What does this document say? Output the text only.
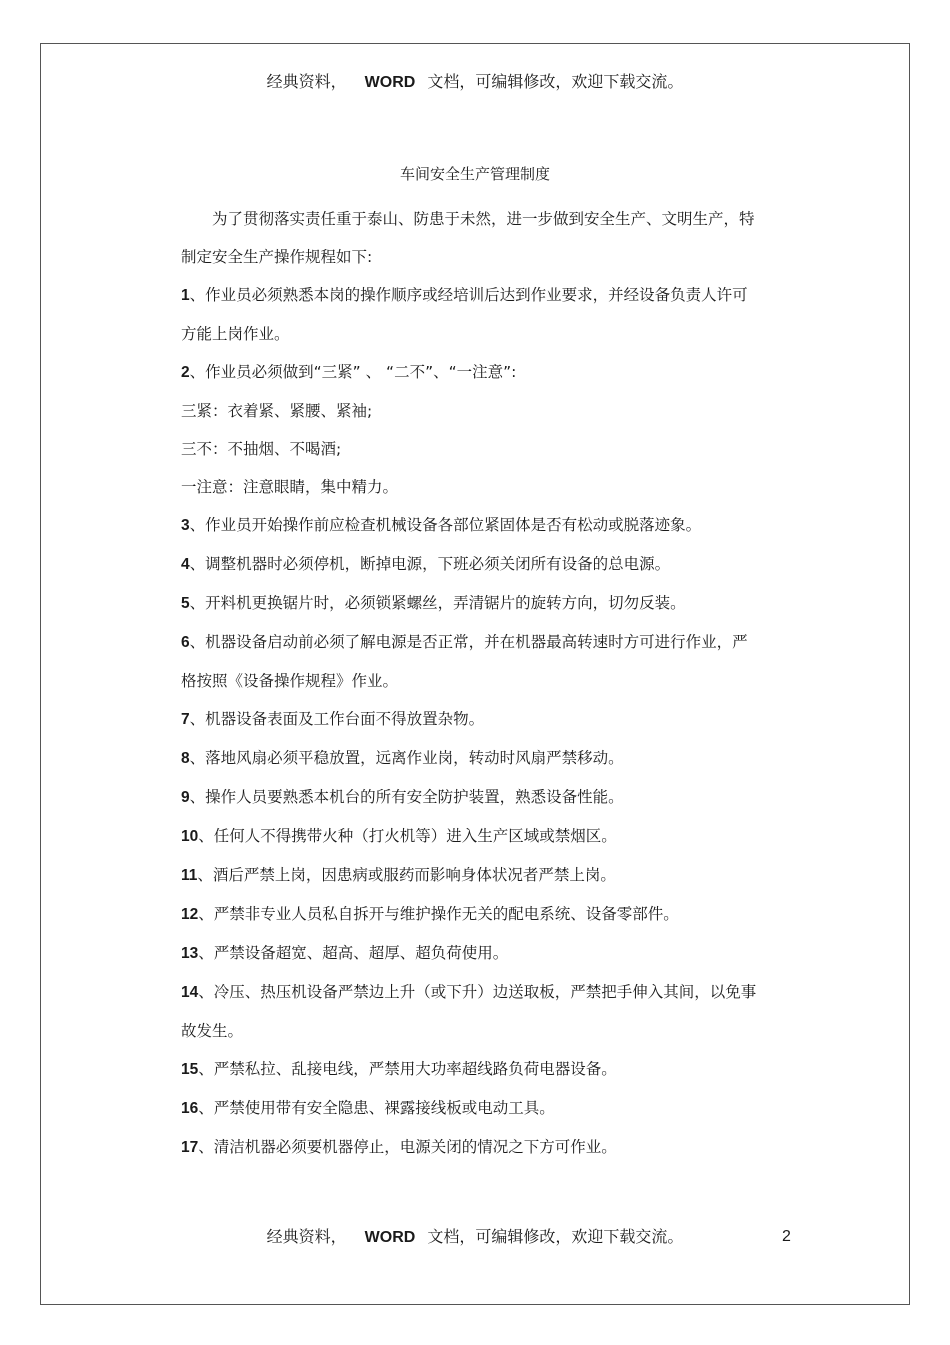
经典资料， WORD 文档，可编辑修改，欢迎下载交流。
车间安全生产管理制度

为了贯彻落实责任重于泰山、防患于未然，进一步做到安全生产、文明生产，特制定安全生产操作规程如下:

1、作业员必须熟悉本岗的操作顺序或经培训后达到作业要求，并经设备负责人许可方能上岗作业。

2、作业员必须做到“三紧” 、 “二不”、“一注意”:

三紧：衣着紧、紧腰、紧袖;

三不：不抽烟、不喝酒;

一注意：注意眼睛，集中精力。

3、作业员开始操作前应检查机械设备各部位紧固体是否有松动或脱落迹象。

4、调整机器时必须停机，断掉电源，下班必须关闭所有设备的总电源。

5、开料机更换锯片时，必须锁紧螺丝，弄清锯片的旋转方向，切勿反装。

6、机器设备启动前必须了解电源是否正常，并在机器最高转速时方可进行作业，严格按照《设备操作规程》作业。

7、机器设备表面及工作台面不得放置杂物。

8、落地风扇必须平稳放置，远离作业岗，转动时风扇严禁移动。

9、操作人员要熟悉本机台的所有安全防护装置，熟悉设备性能。

10、任何人不得携带火种（打火机等）进入生产区域或禁烟区。

11、酒后严禁上岗，因患病或服药而影响身体状况者严禁上岗。

12、严禁非专业人员私自拆开与维护操作无关的配电系统、设备零部件。

13、严禁设备超宽、超高、超厚、超负荷使用。

14、冷压、热压机设备严禁边上升（或下升）边送取板，严禁把手伸入其间，以免事故发生。

15、严禁私拉、乱接电线，严禁用大功率超线路负荷电器设备。

16、严禁使用带有安全隐患、裸露接线板或电动工具。

17、清洁机器必须要机器停止，电源关闭的情况之下方可作业。

经典资料， WORD 文档，可编辑修改，欢迎下载交流。	2
